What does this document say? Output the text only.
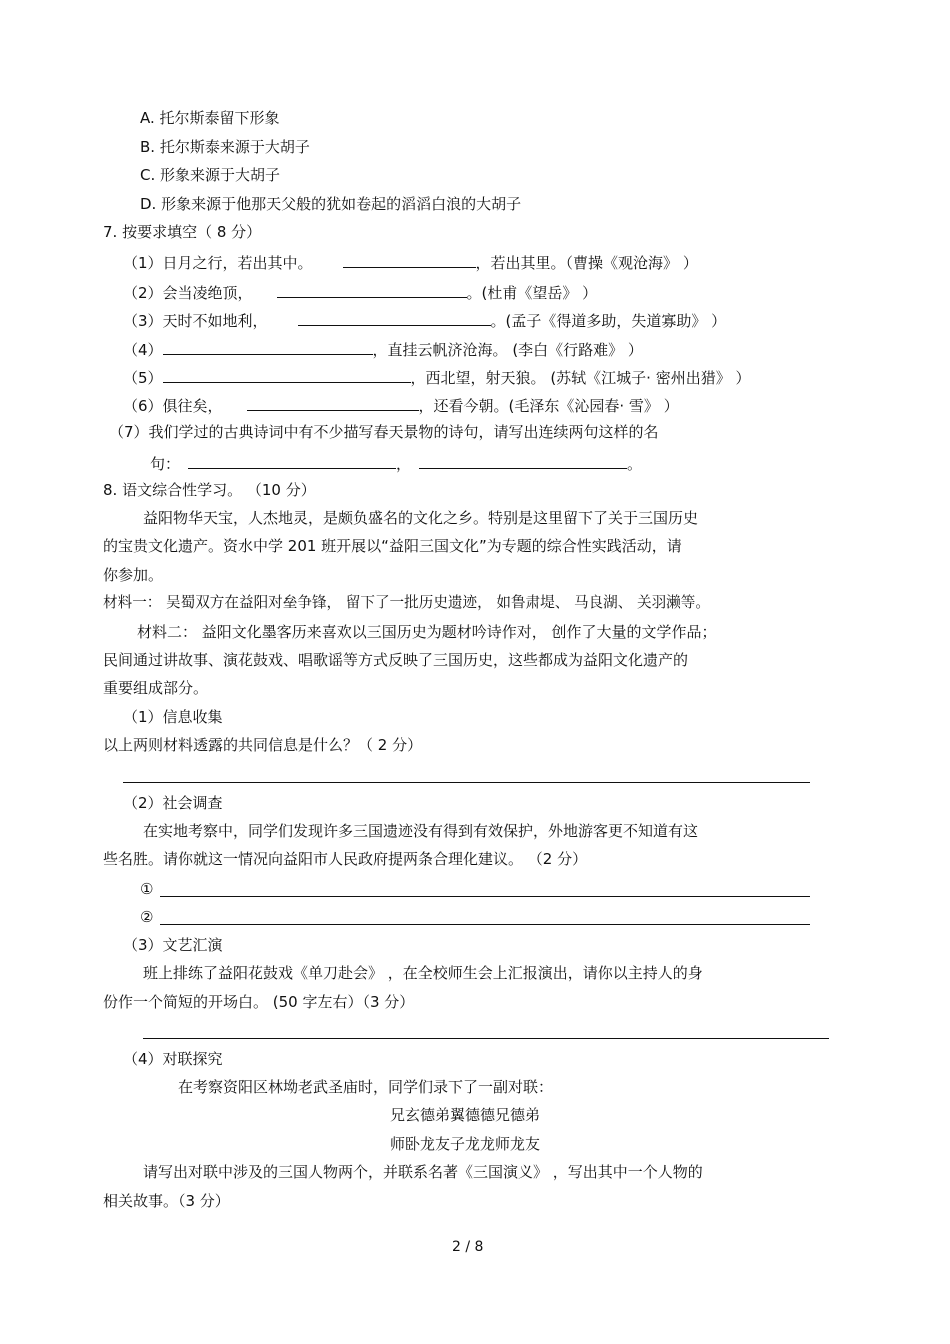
A. 托尔斯泰留下形象
B. 托尔斯泰来源于大胡子
C. 形象来源于大胡子
D. 形象来源于他那天父般的犹如卷起的滔滔白浪的大胡子
7. 按要求填空（ 8 分）
（1）日月之行，若出其中。	，若出其里。（曹操《观沧海》 ）
（2）会当凌绝顶，	。(杜甫《望岳》 ）
（3）天时不如地利，	。(孟子《得道多助，失道寡助》 ）
（4）	，直挂云帆济沧海。 (李白《行路难》 ）
（5）	，西北望，射天狼。 (苏轼《江城子· 密州出猎》 ）
（6）俱往矣，	，还看今朝。(毛泽东《沁园春· 雪》 ）
（7）我们学过的古典诗词中有不少描写春天景物的诗句，请写出连续两句这样的名
句：	，	。
8. 语文综合性学习。 （10 分）
益阳物华天宝，人杰地灵，是颇负盛名的文化之乡。特别是这里留下了关于三国历史
的宝贵文化遗产。资水中学 201 班开展以“益阳三国文化”为专题的综合性实践活动，请
你参加。
材料一： 吴蜀双方在益阳对垒争锋， 留下了一批历史遗迹， 如鲁肃堤、 马良湖、 关羽濑等。
材料二： 益阳文化墨客历来喜欢以三国历史为题材吟诗作对， 创作了大量的文学作品；
民间通过讲故事、演花鼓戏、唱歌谣等方式反映了三国历史，这些都成为益阳文化遗产的
重要组成部分。
（1）信息收集
以上两则材料透露的共同信息是什么？（ 2 分）
（2）社会调查
在实地考察中，同学们发现许多三国遗迹没有得到有效保护，外地游客更不知道有这
些名胜。请你就这一情况向益阳市人民政府提两条合理化建议。 （2 分）
①
②
（3）文艺汇演
班上排练了益阳花鼓戏《单刀赴会》 ，在全校师生会上汇报演出，请你以主持人的身
份作一个简短的开场白。 (50 字左右）（3 分）
（4）对联探究
在考察资阳区林坳老武圣庙时，同学们录下了一副对联：
兄玄德弟翼德德兄德弟
师卧龙友子龙龙师龙友
请写出对联中涉及的三国人物两个，并联系名著《三国演义》 ，写出其中一个人物的
相关故事。（3 分）
2 / 8
